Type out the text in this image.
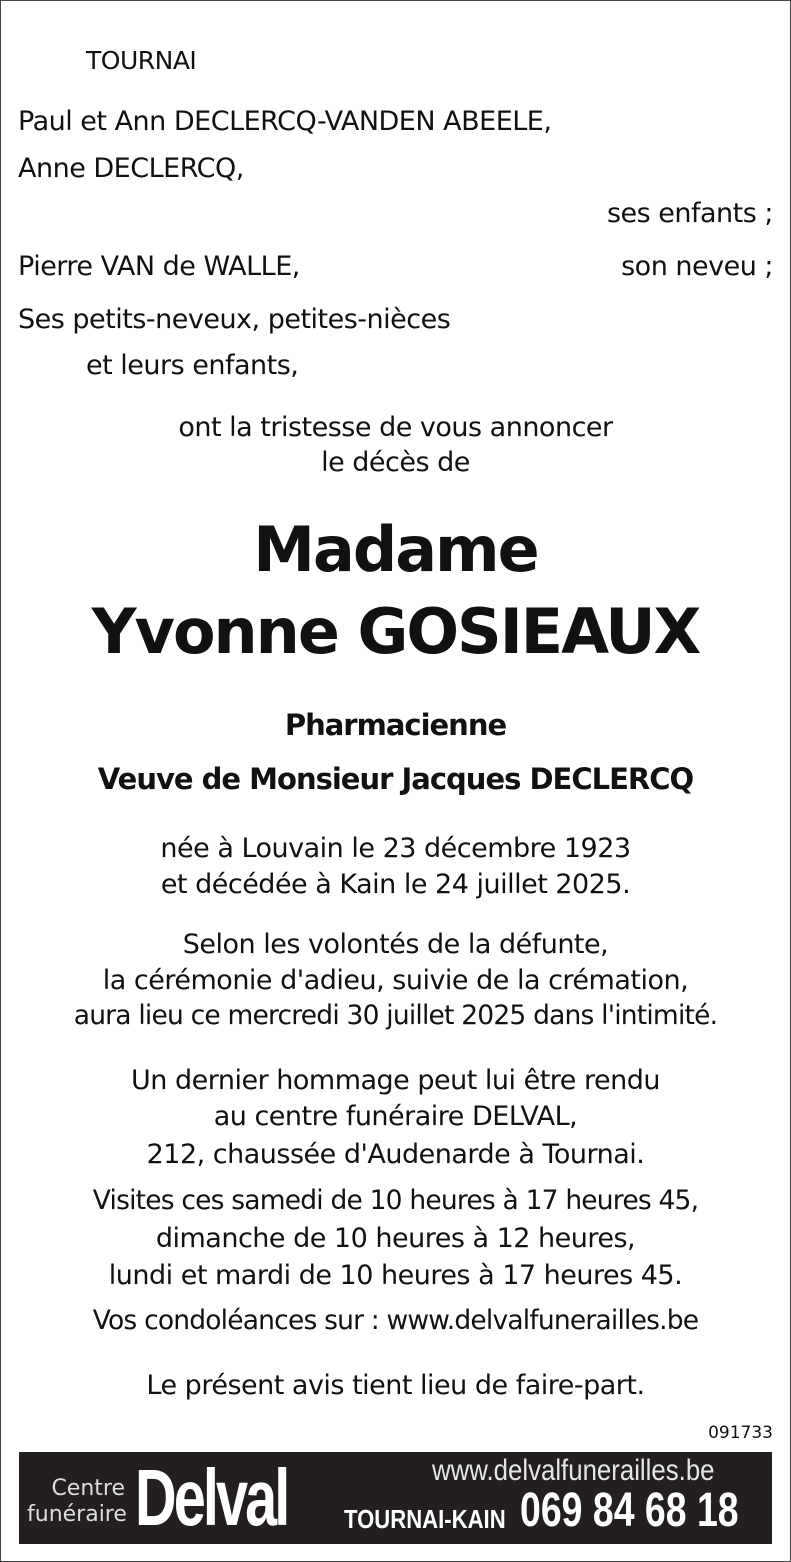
TOURNAI
Paul et Ann DECLERCQ-VANDEN ABEELE,
Anne DECLERCQ,
ses enfants ;
Pierre VAN de WALLE,	son neveu ;
Ses petits-neveux, petites-nièces
et leurs enfants,
ont la tristesse de vous annoncer
le décès de
Madame
Yvonne GOSIEAUX
Pharmacienne
Veuve de Monsieur Jacques DECLERCQ
née à Louvain le 23 décembre 1923
et décédée à Kain le 24 juillet 2025.
Selon les volontés de la défunte,
la cérémonie d'adieu, suivie de la crémation,
aura lieu ce mercredi 30 juillet 2025 dans l'intimité.
Un dernier hommage peut lui être rendu
au centre funéraire DELVAL,
212, chaussée d'Audenarde à Tournai.
Visites ces samedi de 10 heures à 17 heures 45,
dimanche de 10 heures à 12 heures,
lundi et mardi de 10 heures à 17 heures 45.
Vos condoléances sur : www.delvalfunerailles.be
Le présent avis tient lieu de faire-part.
091733
Centre
funéraire Delval	www.delvalfunerailles.be
TOURNAI-KAIN 069 84 68 18
